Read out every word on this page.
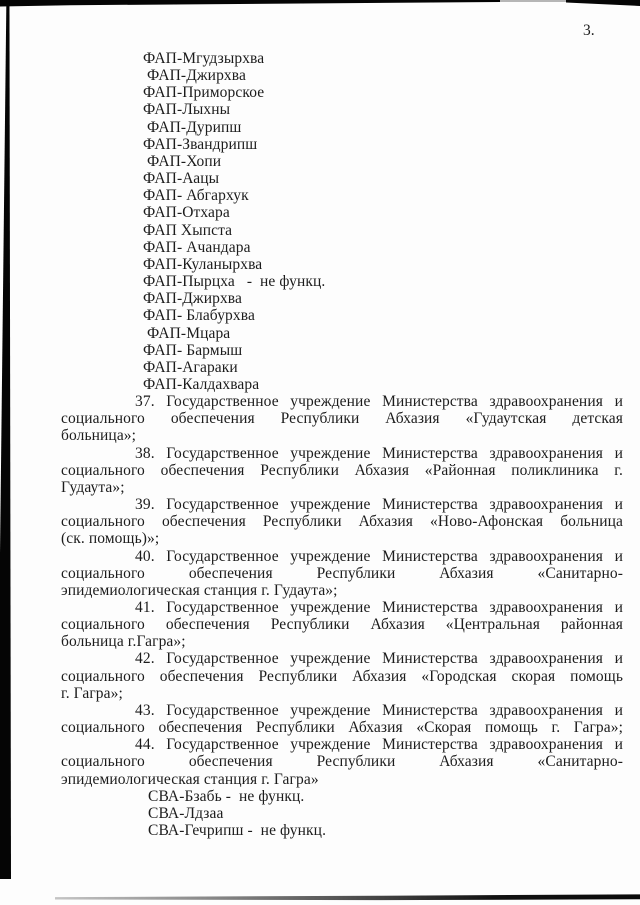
3.
ФАП-Мгудзырхва
ФАП-Джирхва
ФАП-Приморское
ФАП-Лыхны
ФАП-Дурипш
ФАП-Звандрипш
ФАП-Хопи
ФАП-Аацы
ФАП- Абгархук
ФАП-Отхара
ФАП Хыпста
ФАП- Ачандара
ФАП-Куланырхва
ФАП-Пырцха   -  не функц.
ФАП-Джирхва
ФАП- Блабурхва
ФАП-Мцара
ФАП- Бармыш
ФАП-Агараки
ФАП-Калдахвара
37. Государственное учреждение Министерства здравоохранения и
социального обеспечения Республики Абхазия «Гудаутская детская
больница»;
38. Государственное учреждение Министерства здравоохранения и
социального обеспечения Республики Абхазия «Районная поликлиника г.
Гудаута»;
39. Государственное учреждение Министерства здравоохранения и
социального обеспечения Республики Абхазия «Ново-Афонская больница
(ск. помощь)»;
40. Государственное учреждение Министерства здравоохранения и
социального обеспечения Республики Абхазия «Санитарно-
эпидемиологическая станция г. Гудаута»;
41. Государственное учреждение Министерства здравоохранения и
социального обеспечения Республики Абхазия «Центральная районная
больница г.Гагра»;
42. Государственное учреждение Министерства здравоохранения и
социального обеспечения Республики Абхазия «Городская скорая помощь
г. Гагра»;
43. Государственное учреждение Министерства здравоохранения и
социального обеспечения Республики Абхазия «Скорая помощь г. Гагра»;
44. Государственное учреждение Министерства здравоохранения и
социального обеспечения Республики Абхазия «Санитарно-
эпидемиологическая станция г. Гагра»
СВА-Бзабь -  не функц.
СВА-Лдзаа
СВА-Гечрипш -  не функц.
